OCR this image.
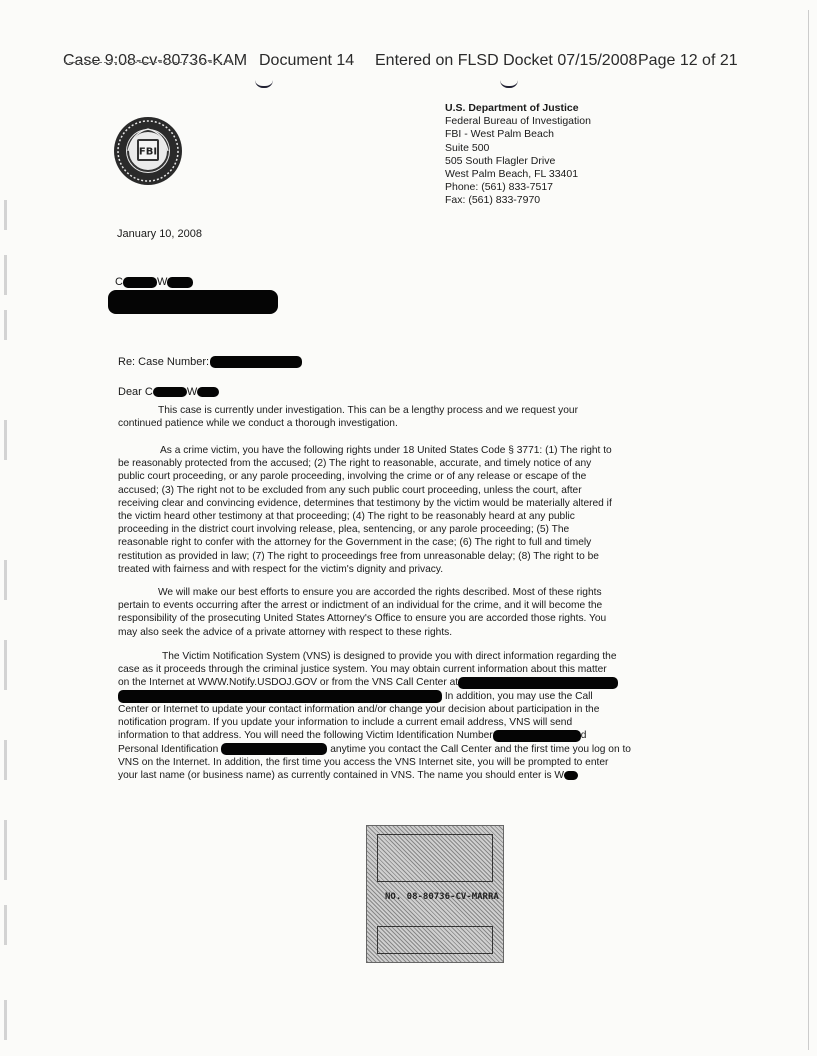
Case 9:08-cv-80736-KAM Document 14 Entered on FLSD Docket 07/15/2008 Page 12 of 21
FBI
U.S. Department of Justice
Federal Bureau of Investigation
FBI - West Palm Beach
Suite 500
505 South Flagler Drive
West Palm Beach, FL 33401
Phone: (561) 833-7517
Fax: (561) 833-7970
January 10, 2008
C	W
Re: Case Number:
Dear C	W

This case is currently under investigation. This can be a lengthy process and we request your

continued patience while we conduct a thorough investigation.

As a crime victim, you have the following rights under 18 United States Code § 3771: (1) The right to

be reasonably protected from the accused; (2) The right to reasonable, accurate, and timely notice of any

public court proceeding, or any parole proceeding, involving the crime or of any release or escape of the

accused; (3) The right not to be excluded from any such public court proceeding, unless the court, after

receiving clear and convincing evidence, determines that testimony by the victim would be materially altered if

the victim heard other testimony at that proceeding; (4) The right to be reasonably heard at any public

proceeding in the district court involving release, plea, sentencing, or any parole proceeding; (5) The

reasonable right to confer with the attorney for the Government in the case; (6) The right to full and timely

restitution as provided in law; (7) The right to proceedings free from unreasonable delay; (8) The right to be

treated with fairness and with respect for the victim's dignity and privacy.

We will make our best efforts to ensure you are accorded the rights described. Most of these rights

pertain to events occurring after the arrest or indictment of an individual for the crime, and it will become the

responsibility of the prosecuting United States Attorney's Office to ensure you are accorded those rights. You

may also seek the advice of a private attorney with respect to these rights.

The Victim Notification System (VNS) is designed to provide you with direct information regarding the

case as it proceeds through the criminal justice system. You may obtain current information about this matter

on the Internet at WWW.Notify.USDOJ.GOV or from the VNS Call Center at

In addition, you may use the Call

Center or Internet to update your contact information and/or change your decision about participation in the

notification program. If you update your information to include a current email address, VNS will send

information to that address. You will need the following Victim Identification Number	d

Personal Identification	anytime you contact the Call Center and the first time you log on to

VNS on the Internet. In addition, the first time you access the VNS Internet site, you will be prompted to enter

your last name (or business name) as currently contained in VNS. The name you should enter is W

NO. 08-80736-CV-MARRA
